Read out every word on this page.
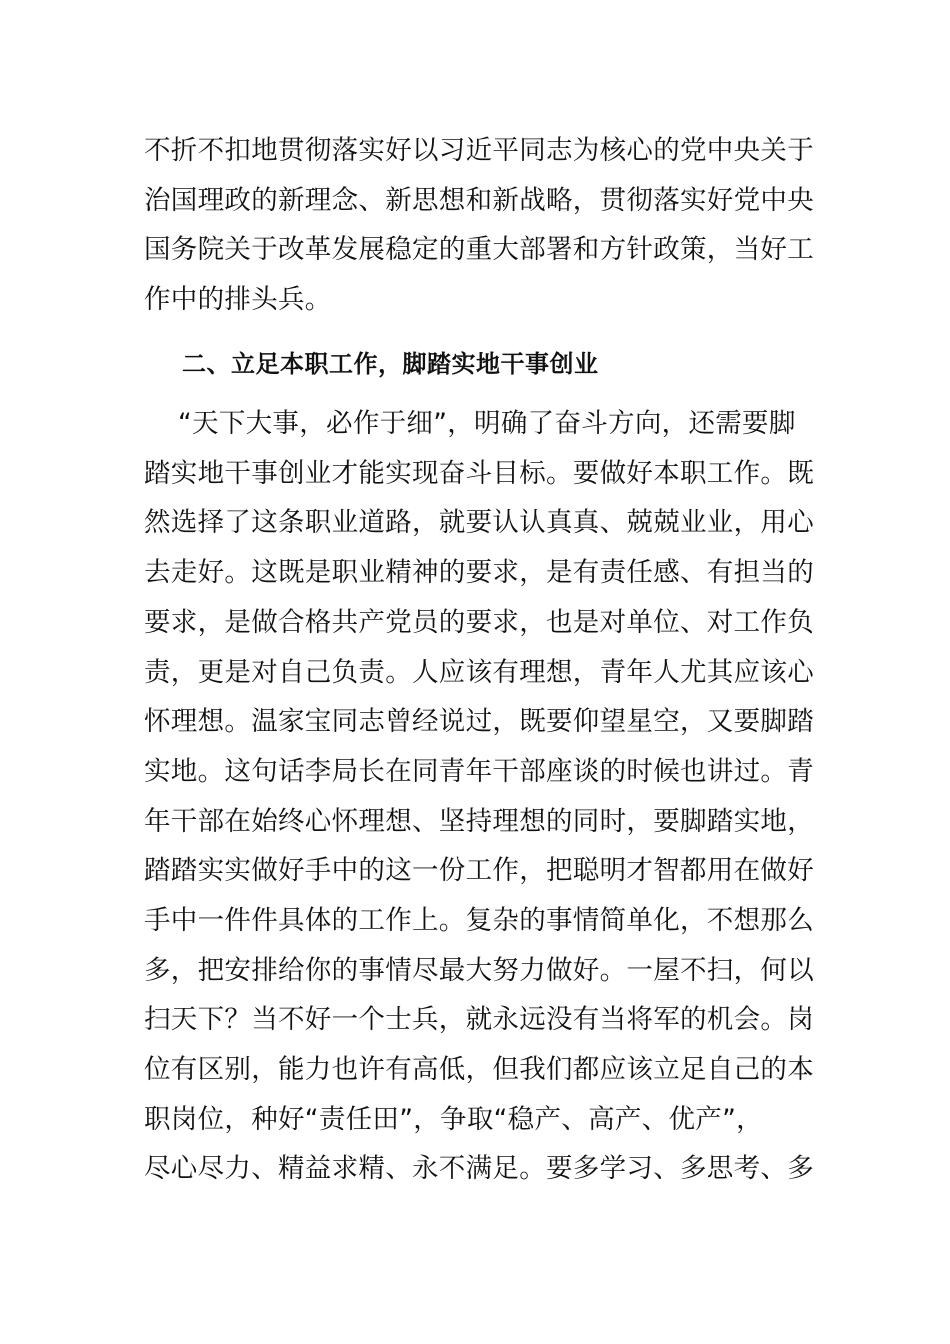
不折不扣地贯彻落实好以习近平同志为核心的党中央关于
治国理政的新理念、新思想和新战略，贯彻落实好党中央
国务院关于改革发展稳定的重大部署和方针政策，当好工
作中的排头兵。
二、立足本职工作，脚踏实地干事创业
“天下大事，必作于细”，明确了奋斗方向，还需要脚
踏实地干事创业才能实现奋斗目标。要做好本职工作。既
然选择了这条职业道路，就要认认真真、兢兢业业，用心
去走好。这既是职业精神的要求，是有责任感、有担当的
要求，是做合格共产党员的要求，也是对单位、对工作负
责，更是对自己负责。人应该有理想，青年人尤其应该心
怀理想。温家宝同志曾经说过，既要仰望星空，又要脚踏
实地。这句话李局长在同青年干部座谈的时候也讲过。青
年干部在始终心怀理想、坚持理想的同时，要脚踏实地，
踏踏实实做好手中的这一份工作，把聪明才智都用在做好
手中一件件具体的工作上。复杂的事情简单化，不想那么
多，把安排给你的事情尽最大努力做好。一屋不扫，何以
扫天下？当不好一个士兵，就永远没有当将军的机会。岗
位有区别，能力也许有高低，但我们都应该立足自己的本
职岗位，种好“责任田”，争取“稳产、高产、优产”，
尽心尽力、精益求精、永不满足。要多学习、多思考、多
